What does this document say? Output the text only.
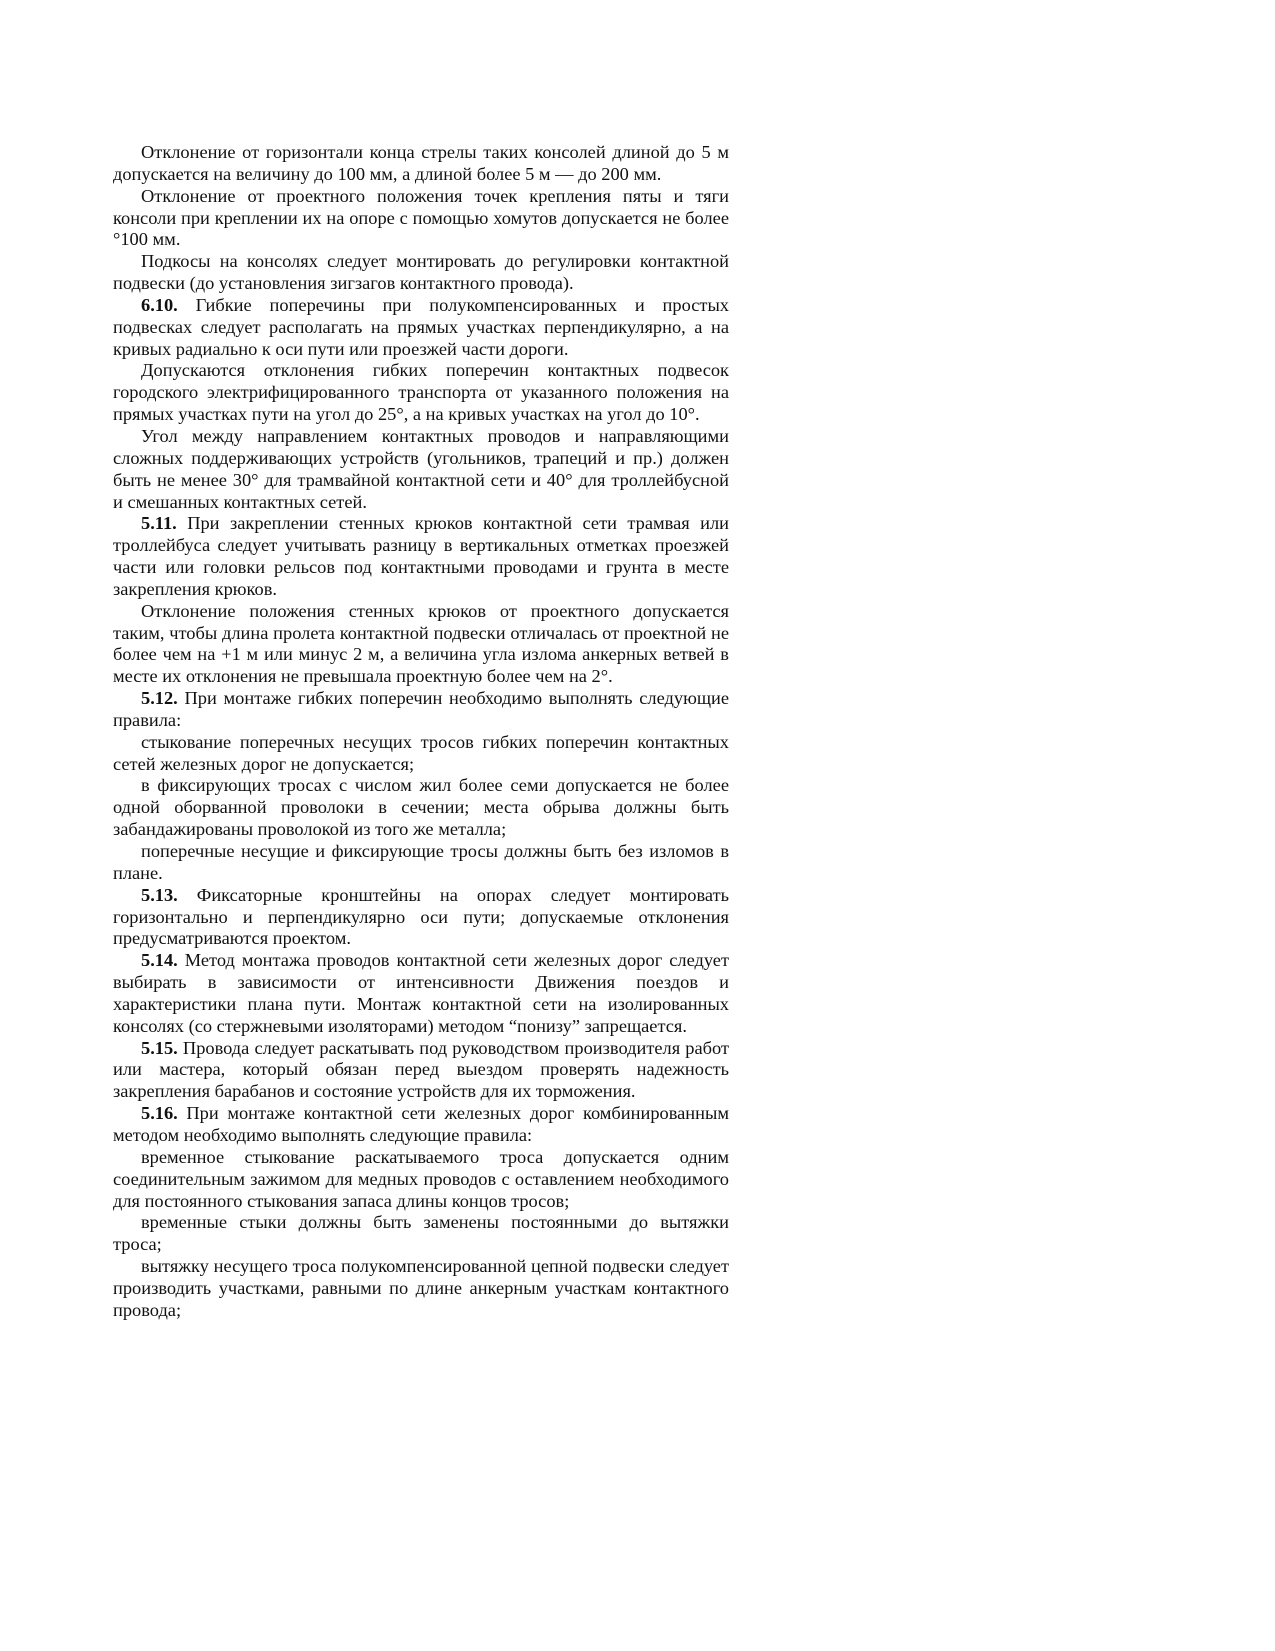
Отклонение от горизонтали конца стрелы таких консолей длиной до 5 м допускается на величину до 100 мм, а длиной более 5 м — до 200 мм.

Отклонение от проектного положения точек крепления пяты и тяги консоли при креплении их на опоре с помощью хомутов допускается не более °100 мм.

Подкосы на консолях следует монтировать до регулировки контактной подвески (до установления зигзагов контактного провода).

6.10. Гибкие поперечины при полукомпенсированных и простых подвесках следует располагать на прямых участках перпендикулярно, а на кривых радиально к оси пути или проезжей части дороги.

Допускаются отклонения гибких поперечин контактных подвесок городского электрифицированного транспорта от указанного положения на прямых участках пути на угол до 25°, а на кривых участках на угол до 10°.

Угол между направлением контактных проводов и направляющими сложных поддерживающих устройств (угольников, трапеций и пр.) должен быть не менее 30° для трамвайной контактной сети и 40° для троллейбусной и смешанных контактных сетей.

5.11. При закреплении стенных крюков контактной сети трамвая или троллейбуса следует учитывать разницу в вертикальных отметках проезжей части или головки рельсов под контактными проводами и грунта в месте закрепления крюков.

Отклонение положения стенных крюков от проектного допускается таким, чтобы длина пролета контактной подвески отличалась от проектной не более чем на +1 м или минус 2 м, а величина угла излома анкерных ветвей в месте их отклонения не превышала проектную более чем на 2°.

5.12. При монтаже гибких поперечин необходимо выполнять следующие правила:

стыкование поперечных несущих тросов гибких поперечин контактных сетей железных дорог не допускается;

в фиксирующих тросах с числом жил более семи допускается не более одной оборванной проволоки в сечении; места обрыва должны быть забандажированы проволокой из того же металла;

поперечные несущие и фиксирующие тросы должны быть без изломов в плане.

5.13. Фиксаторные кронштейны на опорах следует монтировать горизонтально и перпендикулярно оси пути; допускаемые отклонения предусматриваются проектом.

5.14. Метод монтажа проводов контактной сети железных дорог следует выбирать в зависимости от интенсивности Движения поездов и характеристики плана пути. Монтаж контактной сети на изолированных консолях (со стержневыми изоляторами) методом “понизу” запрещается.

5.15. Провода следует раскатывать под руководством производителя работ или мастера, который обязан перед выездом проверять надежность закрепления барабанов и состояние устройств для их торможения.

5.16. При монтаже контактной сети железных дорог комбинированным методом необходимо выполнять следующие правила:

временное стыкование раскатываемого троса допускается одним соединительным зажимом для медных проводов с оставлением необходимого для постоянного стыкования запаса длины концов тросов;

временные стыки должны быть заменены постоянными до вытяжки троса;

вытяжку несущего троса полукомпенсированной цепной подвески следует производить участками, равными по длине анкерным участкам контактного провода;
